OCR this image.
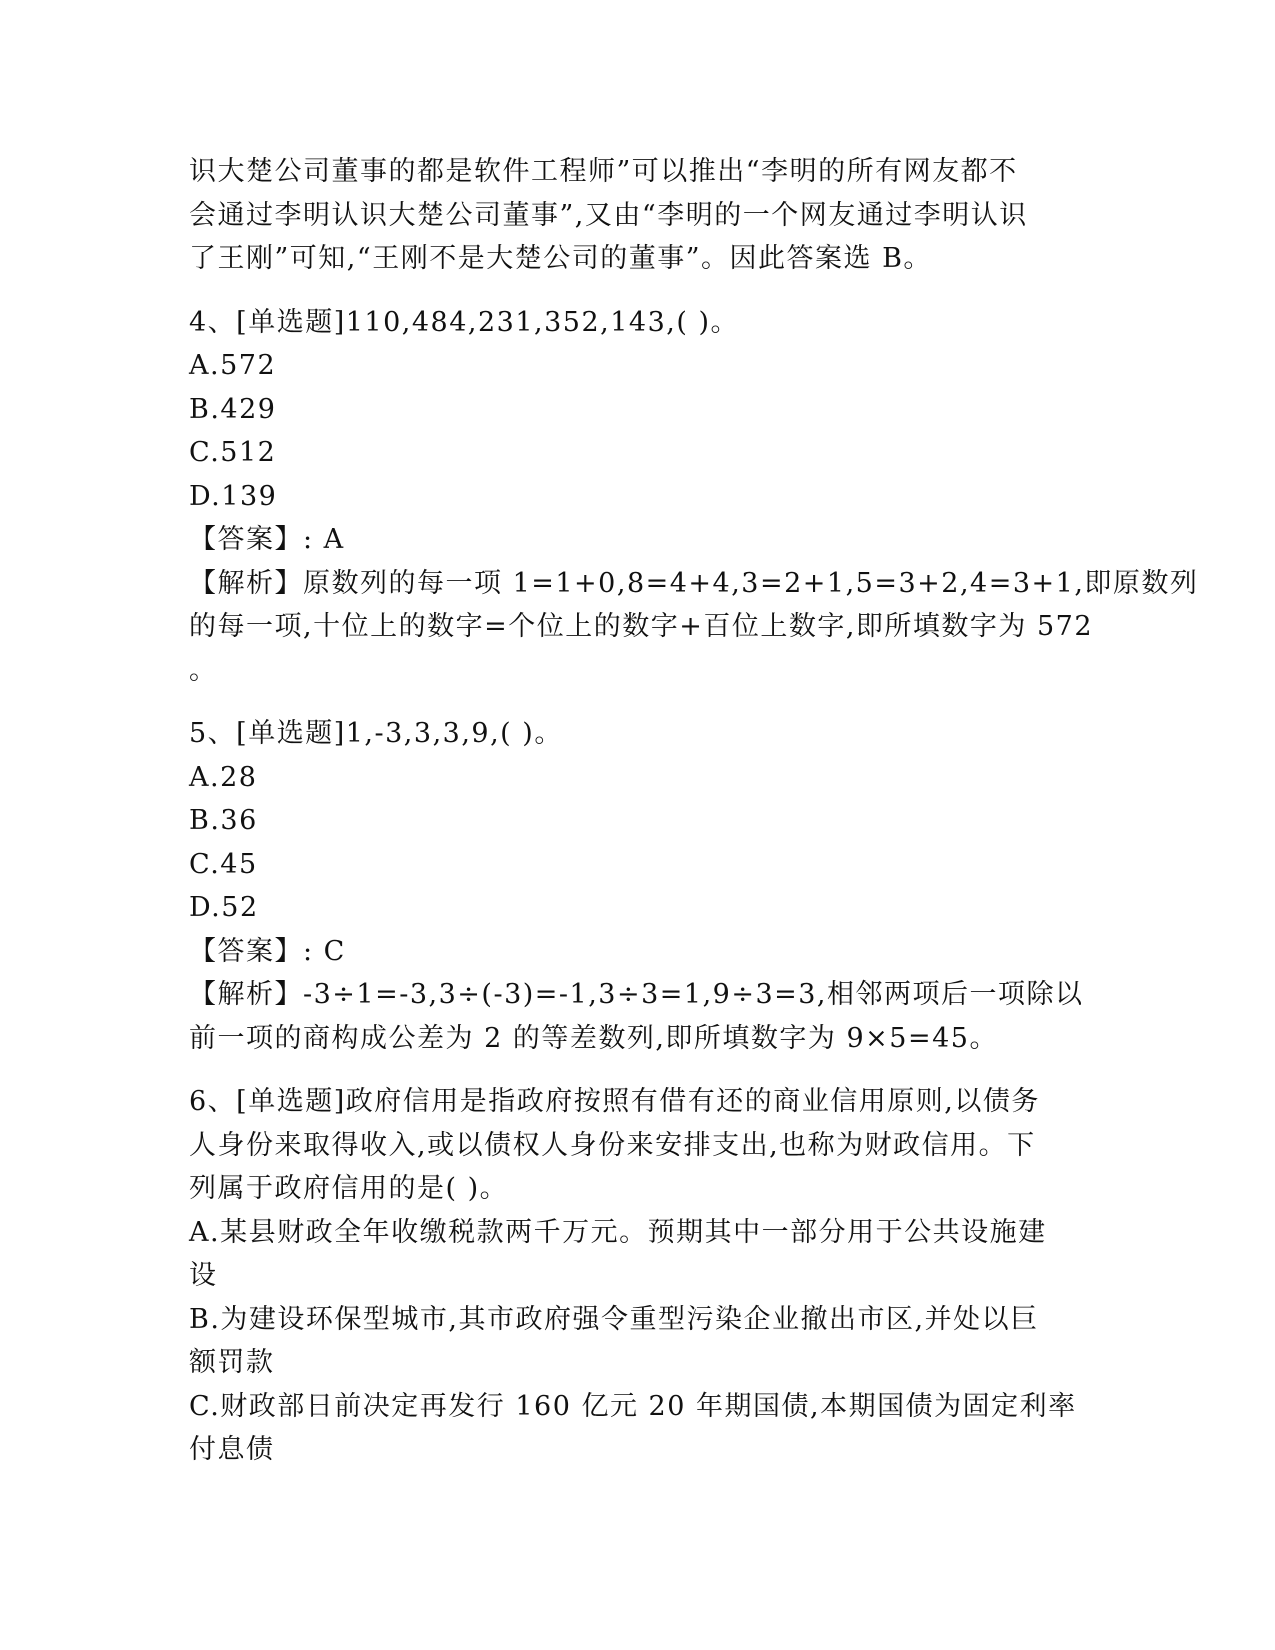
识大楚公司董事的都是软件工程师”可以推出“李明的所有网友都不
会通过李明认识大楚公司董事”,又由“李明的一个网友通过李明认识
了王刚”可知,“王刚不是大楚公司的董事”。因此答案选 B。
4、[单选题]110,484,231,352,143,( )。
A.572
B.429
C.512
D.139
【答案】: A
【解析】原数列的每一项 1=1+0,8=4+4,3=2+1,5=3+2,4=3+1,即原数列
的每一项,十位上的数字=个位上的数字+百位上数字,即所填数字为 572
。
5、[单选题]1,-3,3,3,9,( )。
A.28
B.36
C.45
D.52
【答案】: C
【解析】-3÷1=-3,3÷(-3)=-1,3÷3=1,9÷3=3,相邻两项后一项除以
前一项的商构成公差为 2 的等差数列,即所填数字为 9×5=45。
6、[单选题]政府信用是指政府按照有借有还的商业信用原则,以债务
人身份来取得收入,或以债权人身份来安排支出,也称为财政信用。下
列属于政府信用的是( )。
A.某县财政全年收缴税款两千万元。预期其中一部分用于公共设施建
设
B.为建设环保型城市,其市政府强令重型污染企业撤出市区,并处以巨
额罚款
C.财政部日前决定再发行 160 亿元 20 年期国债,本期国债为固定利率
付息债
